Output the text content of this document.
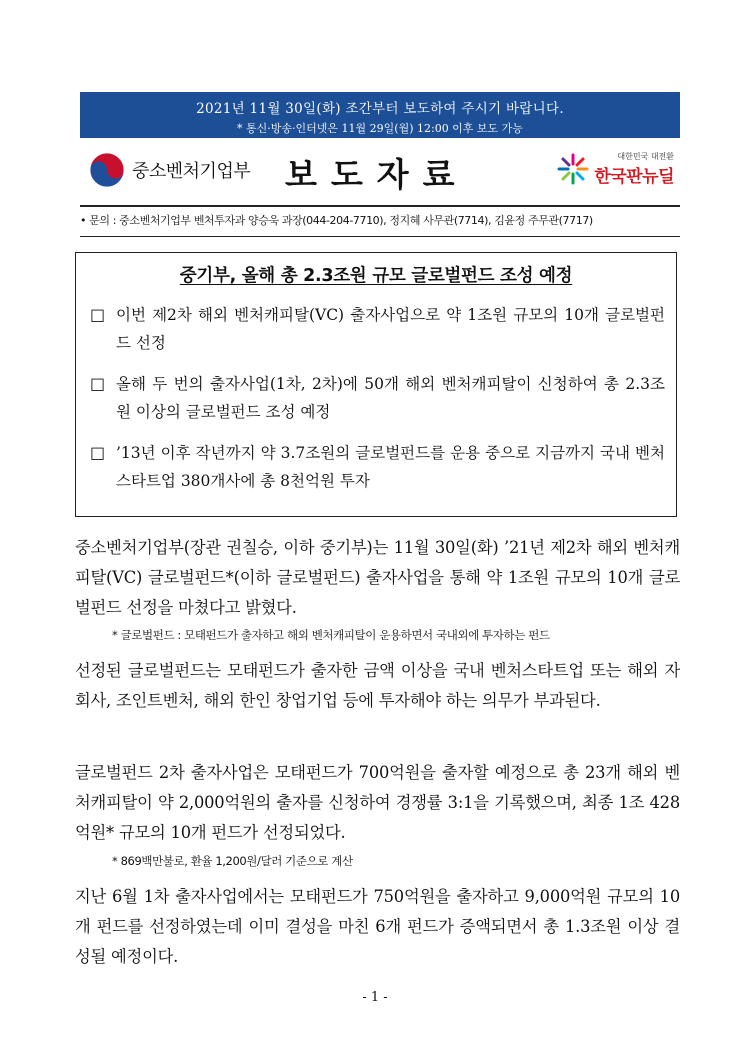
2021년 11월 30일(화) 조간부터 보도하여 주시기 바랍니다.
* 통신·방송·인터넷은 11월 29일(월) 12:00 이후 보도 가능
중소벤처기업부 보도자료	대한민국 대전환
한국판뉴딜
• 문의 : 중소벤처기업부 벤처투자과 양승욱 과장(044-204-7710), 정지혜 사무관(7714), 김윤정 주무관(7717)
중기부, 올해 총 2.3조원 규모 글로벌펀드 조성 예정
□ 이번 제2차 해외 벤처캐피탈(VC) 출자사업으로 약 1조원 규모의 10개 글로벌펀드 선정
□ 올해 두 번의 출자사업(1차, 2차)에 50개 해외 벤처캐피탈이 신청하여 총 2.3조원 이상의 글로벌펀드 조성 예정
□ ’13년 이후 작년까지 약 3.7조원의 글로벌펀드를 운용 중으로 지금까지 국내 벤처스타트업 380개사에 총 8천억원 투자
중소벤처기업부(장관 권칠승, 이하 중기부)는 11월 30일(화) ’21년 제2차 해외 벤처캐피탈(VC) 글로벌펀드*(이하 글로벌펀드) 출자사업을 통해 약 1조원 규모의 10개 글로벌펀드 선정을 마쳤다고 밝혔다.
* 글로벌펀드 : 모태펀드가 출자하고 해외 벤처캐피탈이 운용하면서 국내외에 투자하는 펀드
선정된 글로벌펀드는 모태펀드가 출자한 금액 이상을 국내 벤처스타트업 또는 해외 자회사, 조인트벤처, 해외 한인 창업기업 등에 투자해야 하는 의무가 부과된다.
글로벌펀드 2차 출자사업은 모태펀드가 700억원을 출자할 예정으로 총 23개 해외 벤처캐피탈이 약 2,000억원의 출자를 신청하여 경쟁률 3:1을 기록했으며, 최종 1조 428억원* 규모의 10개 펀드가 선정되었다.
* 869백만불로, 환율 1,200원/달러 기준으로 계산
지난 6월 1차 출자사업에서는 모태펀드가 750억원을 출자하고 9,000억원 규모의 10개 펀드를 선정하였는데 이미 결성을 마친 6개 펀드가 증액되면서 총 1.3조원 이상 결성될 예정이다.
- 1 -
